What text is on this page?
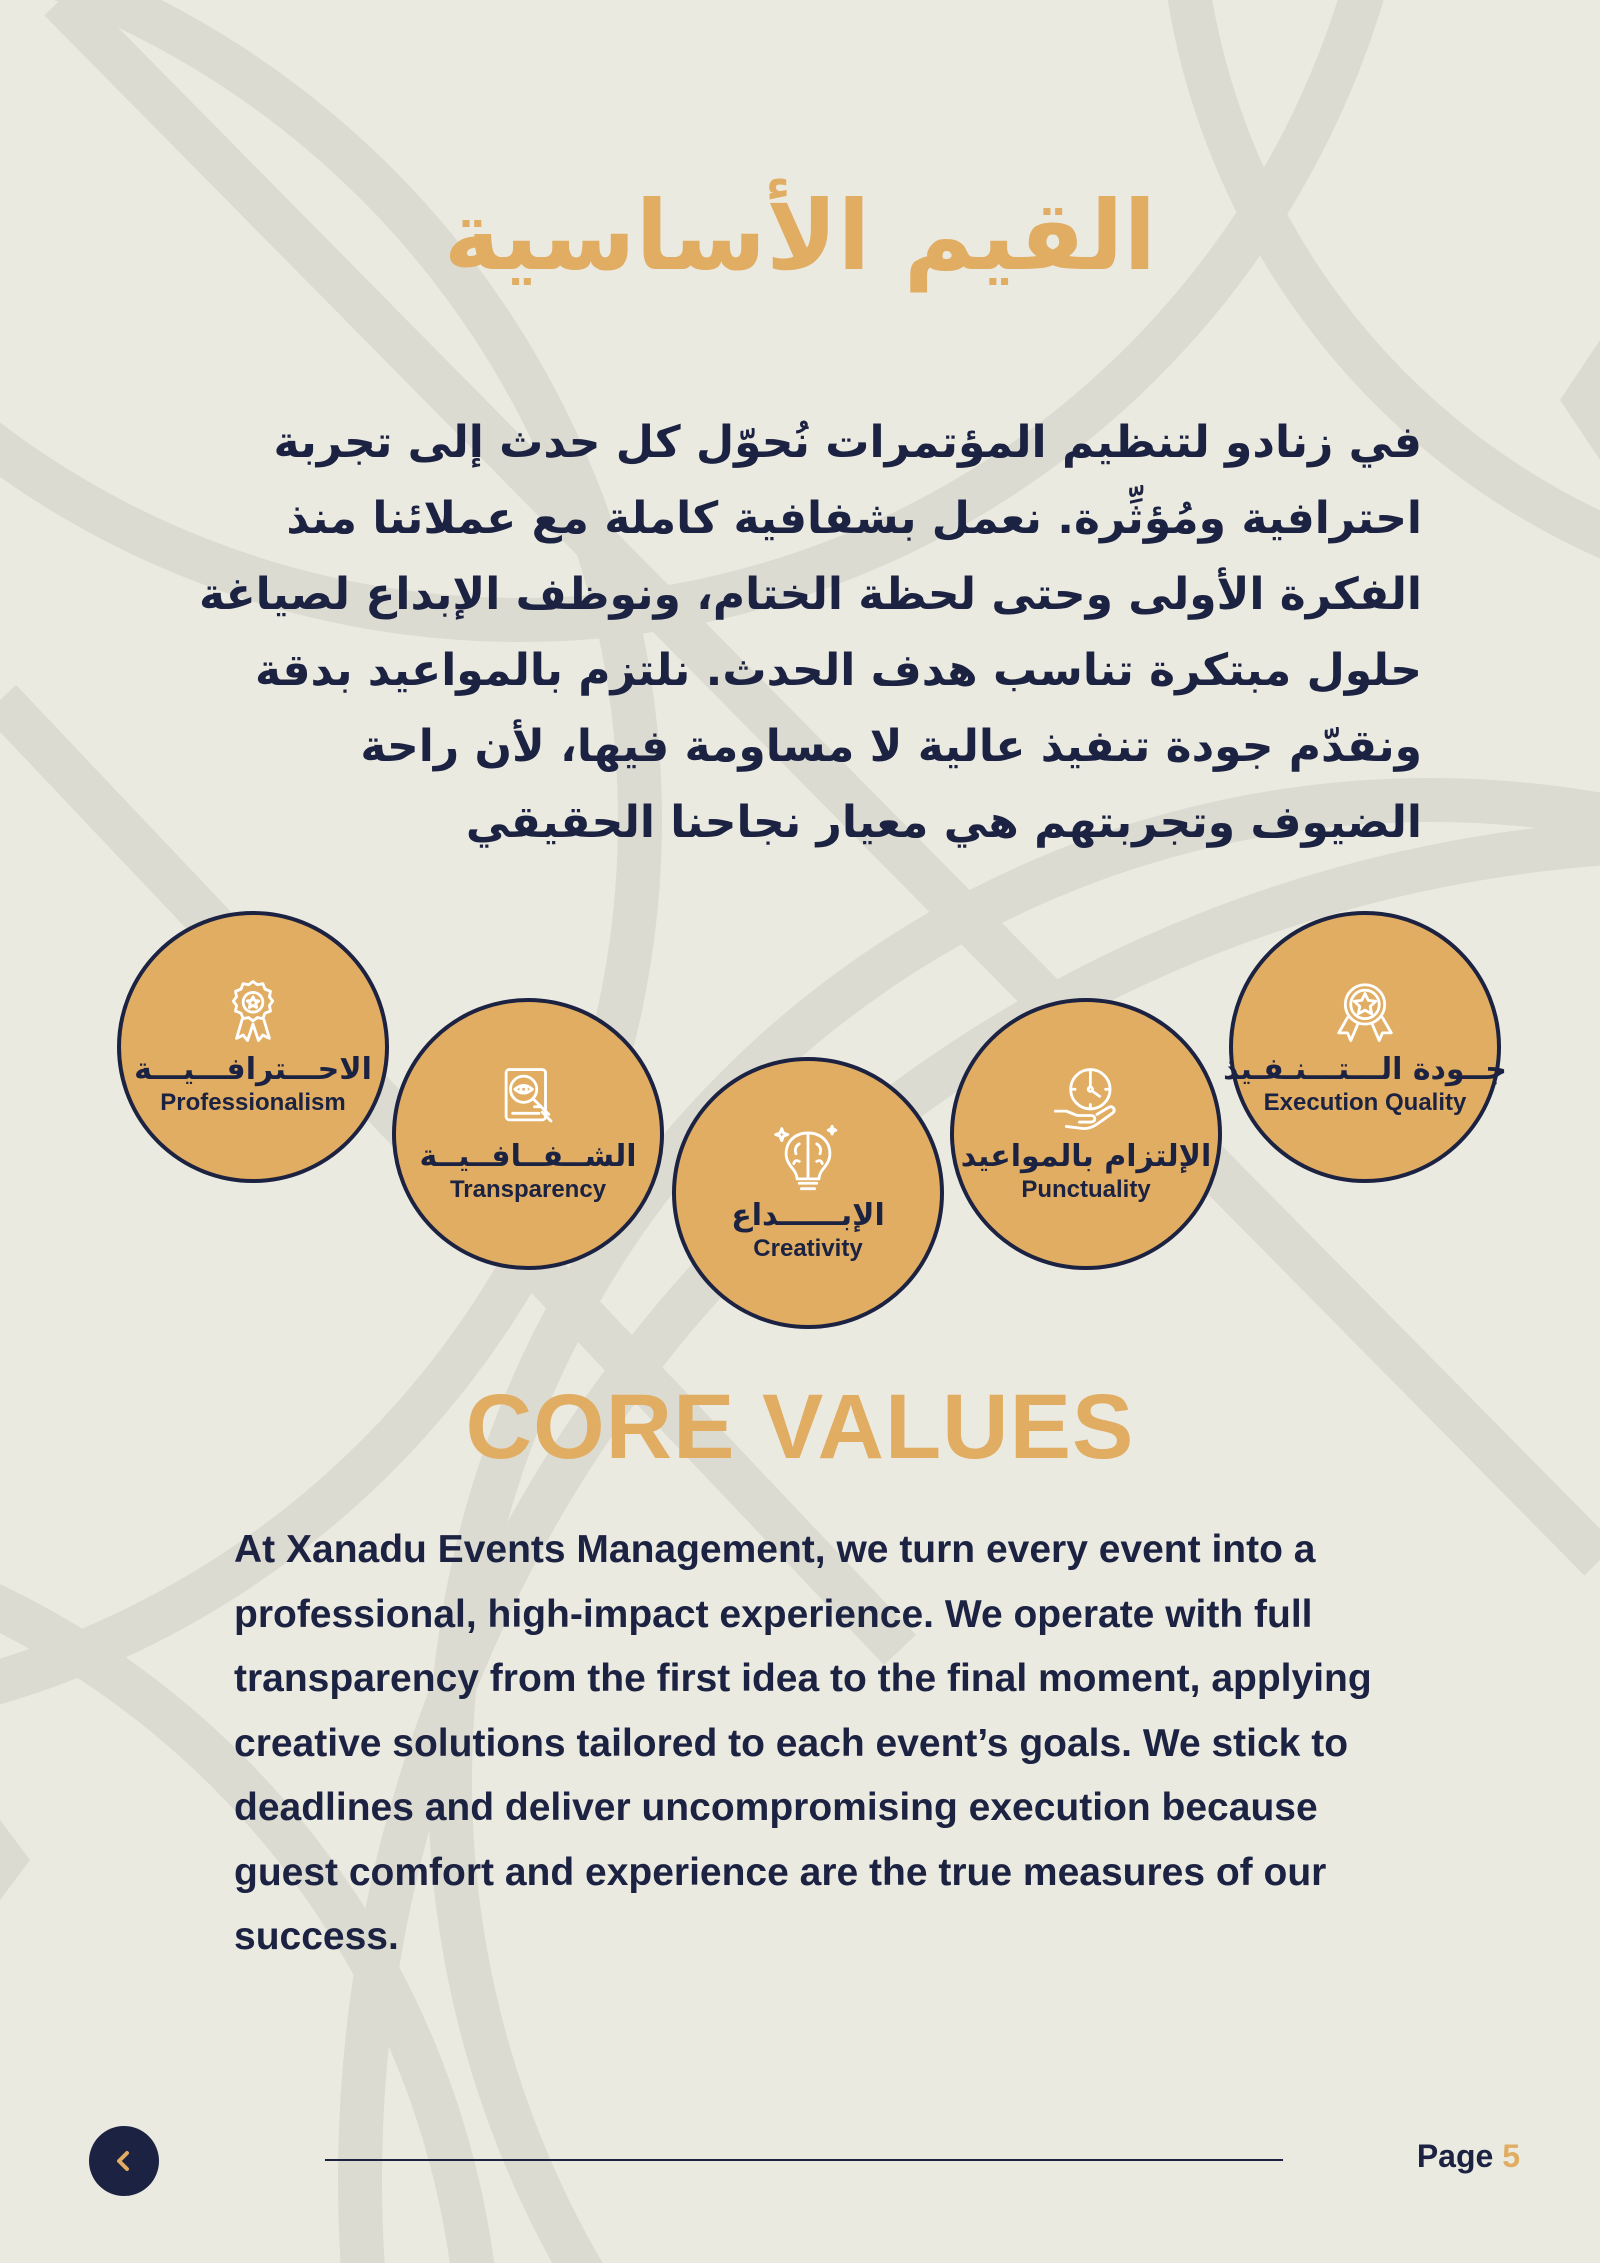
القيم الأساسية
في زنادو لتنظيم المؤتمرات نُحوّل كل حدث إلى تجربة احترافية ومُؤثِّرة. نعمل بشفافية كاملة مع عملائنا منذ الفكرة الأولى وحتى لحظة الختام، ونوظف الإبداع لصياغة حلول مبتكرة تناسب هدف الحدث. نلتزم بالمواعيد بدقة ونقدّم جودة تنفيذ عالية لا مساومة فيها، لأن راحة الضيوف وتجربتهم هي معيار نجاحنا الحقيقي
الاحـــترافـــيـــة
Professionalism
الشــفــافــيــة
Transparency
الإبــــــداع
Creativity
الإلتزام بالمواعيد
Punctuality
جــودة الـــتـــنـفـيذ
Execution Quality
CORE VALUES
At Xanadu Events Management, we turn every event into a professional, high-impact experience. We operate with full transparency from the first idea to the final moment, applying creative solutions tailored to each event’s goals. We stick to deadlines and deliver uncompromising execution because guest comfort and experience are the true measures of our success.
Page 5
